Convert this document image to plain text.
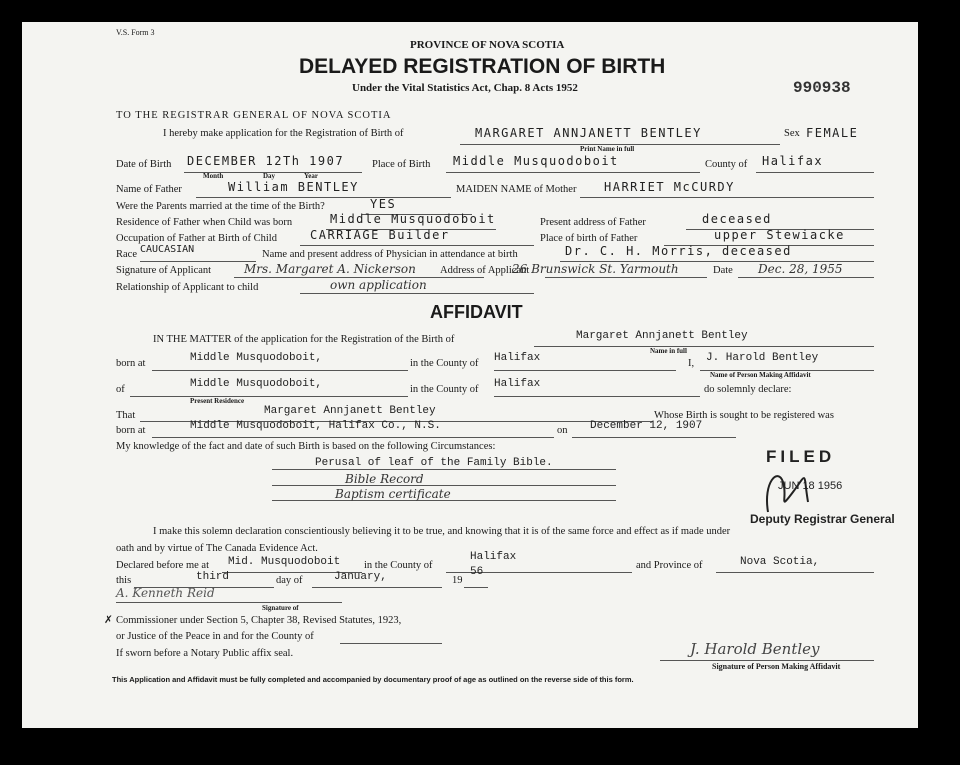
V.S. Form 3
PROVINCE OF NOVA SCOTIA
DELAYED REGISTRATION OF BIRTH
Under the Vital Statistics Act, Chap. 8 Acts 1952	990938
TO THE REGISTRAR GENERAL OF NOVA SCOTIA
I hereby make application for the Registration of Birth of	MARGARET ANNJANETT BENTLEY
Print Name in full
Sex FEMALE
Date of Birth DECEMBER 12Th 1907
Month	Day	Year
Place of Birth Middle Musquodoboit	County of Halifax
Name of Father	William BENTLEY	MAIDEN NAME of Mother HARRIET McCURDY
Were the Parents married at the time of the Birth?	YES
Residence of Father when Child was born	Middle Musquodoboit	Present address of Father	deceased
Occupation of Father at Birth of Child	CARRIAGE Builder	Place of birth of Father	upper Stewiacke
Race CAUCASIAN	Name and present address of Physician in attendance at birth	Dr. C. H. Morris, deceased
Signature of Applicant	Mrs. Margaret A. Nickerson Address of Applicant
26 Brunswick St. Yarmouth	Date Dec. 28, 1955
Relationship of Applicant to child	own application
AFFIDAVIT
IN THE MATTER of the application for the Registration of the Birth of	Margaret Annjanett Bentley
Name in full
born at	Middle Musquodoboit,	in the County of Halifax	I, J. Harold Bentley
Name of Person Making Affidavit
of	Middle Musquodoboit,
Present Residence
in the County of Halifax	do solemnly declare:
That	Margaret Annjanett Bentley	Whose Birth is sought to be registered was
born at	Middle Musquodoboit, Halifax Co., N.S.	on December 12, 1907
My knowledge of the fact and date of such Birth is based on the following Circumstances:
Perusal of leaf of the Family Bible.
Bible Record
Baptism certificate
FILED
JUN 18 1956
Deputy Registrar General
I make this solemn declaration conscientiously believing it to be true, and knowing that it is of the same force and effect as if made under
oath and by virtue of The Canada Evidence Act.
Declared before me at Mid. Musquodoboit in the County of
Halifax
and Province of	Nova Scotia,
this	third	day of	January,	19
56
A. Kenneth Reid
Signature of
✗ Commissioner under Section 5, Chapter 38, Revised Statutes, 1923,
or Justice of the Peace in and for the County of
If sworn before a Notary Public affix seal.	J. Harold Bentley
Signature of Person Making Affidavit
This Application and Affidavit must be fully completed and accompanied by documentary proof of age as outlined on the reverse side of this form.
